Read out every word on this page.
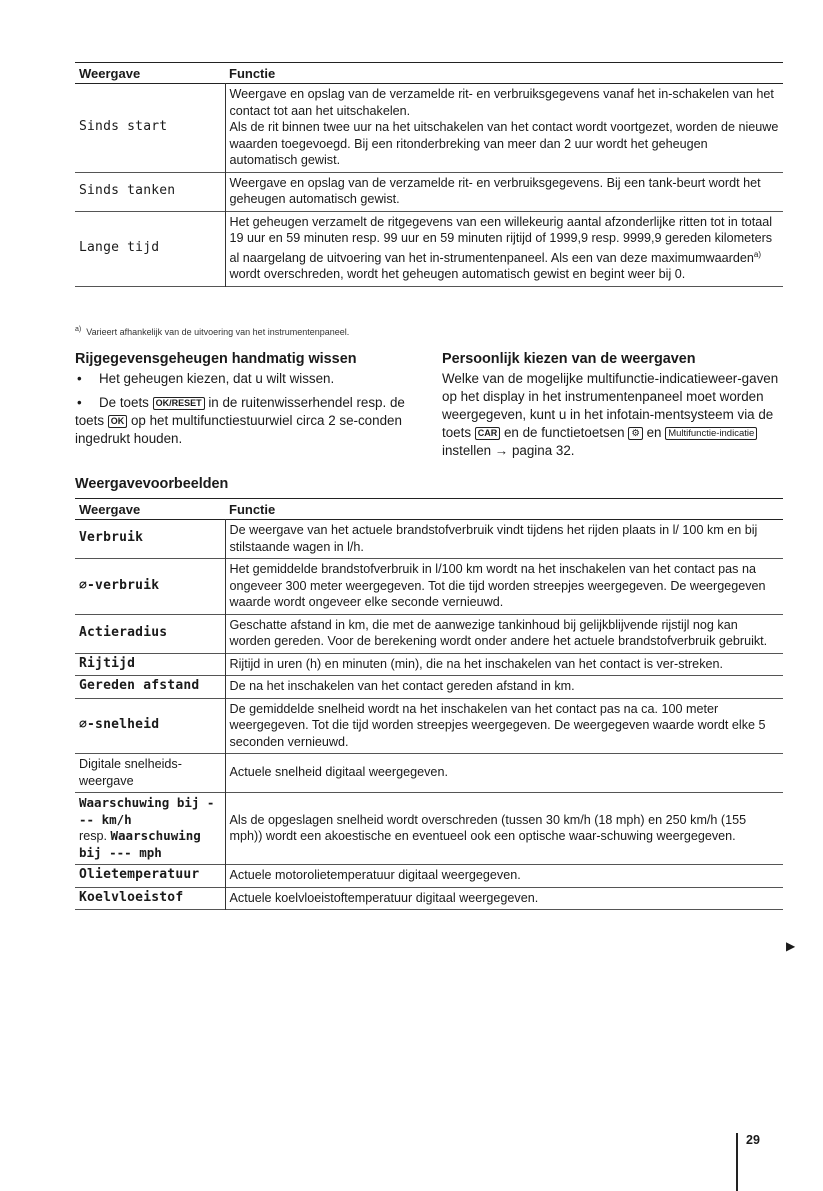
Weergave	Functie
Sinds start	Weergave en opslag van de verzamelde rit- en verbruiksgegevens vanaf het in-schakelen van het contact tot aan het uitschakelen.
Als de rit binnen twee uur na het uitschakelen van het contact wordt voortgezet, worden de nieuwe waarden toegevoegd. Bij een ritonderbreking van meer dan 2 uur wordt het geheugen automatisch gewist.

Sinds tanken	Weergave en opslag van de verzamelde rit- en verbruiksgegevens. Bij een tank-beurt wordt het geheugen automatisch gewist.
Lange tijd	Het geheugen verzamelt de ritgegevens van een willekeurig aantal afzonderlijke ritten tot in totaal 19 uur en 59 minuten resp. 99 uur en 59 minuten rijtijd of 1999,9 resp. 9999,9 gereden kilometers al naargelang de uitvoering van het in-strumentenpaneel. Als een van deze maximumwaarden$^{a)}$ wordt overschreden, wordt het geheugen automatisch gewist en begint weer bij 0.
$^{a)}$ Varieert afhankelijk van de uitvoering van het instrumentenpaneel.
Rijgegevensgeheugen handmatig wissen

• Het geheugen kiezen, dat u wilt wissen.

• De toets OK/RESET in de ruitenwisserhendel resp. de toets OK op het multifunctiestuurwiel circa 2 se-conden ingedrukt houden.

Persoonlijk kiezen van de weergaven

Welke van de mogelijke multifunctie-indicatieweer-gaven op het display in het instrumentenpaneel moet worden weergegeven, kunt u in het infotain-mentsysteem via de toets CAR en de functietoetsen ⚙ en Multifunctie-indicatie instellen → pagina 32.

Weergavevoorbeelden
Weergave	Functie
Verbruik	De weergave van het actuele brandstofverbruik vindt tijdens het rijden plaats in l/ 100 km en bij stilstaande wagen in l/h.
∅-verbruik	Het gemiddelde brandstofverbruik in l/100 km wordt na het inschakelen van het contact pas na ongeveer 300 meter weergegeven. Tot die tijd worden streepjes weergegeven. De weergegeven waarde wordt ongeveer elke seconde vernieuwd.
Actieradius	Geschatte afstand in km, die met de aanwezige tankinhoud bij gelijkblijvende rijstijl nog kan worden gereden. Voor de berekening wordt onder andere het actuele brandstofverbruik gebruikt.
Rijtijd	Rijtijd in uren (h) en minuten (min), die na het inschakelen van het contact is ver-streken.
Gereden afstand	De na het inschakelen van het contact gereden afstand in km.
∅-snelheid	De gemiddelde snelheid wordt na het inschakelen van het contact pas na ca. 100 meter weergegeven. Tot die tijd worden streepjes weergegeven. De weergegeven waarde wordt elke 5 seconden vernieuwd.
Digitale snelheids-weergave	Actuele snelheid digitaal weergegeven.

Waarschuwing bij --- km/h
resp. Waarschuwing bij --- mph	Als de opgeslagen snelheid wordt overschreden (tussen 30 km/h (18 mph) en 250 km/h (155 mph)) wordt een akoestische en eventueel ook een optische waar-schuwing weergegeven.
Olietemperatuur	Actuele motorolietemperatuur digitaal weergegeven.
Koelvloeistof	Actuele koelvloeistoftemperatuur digitaal weergegeven.
▶
29
